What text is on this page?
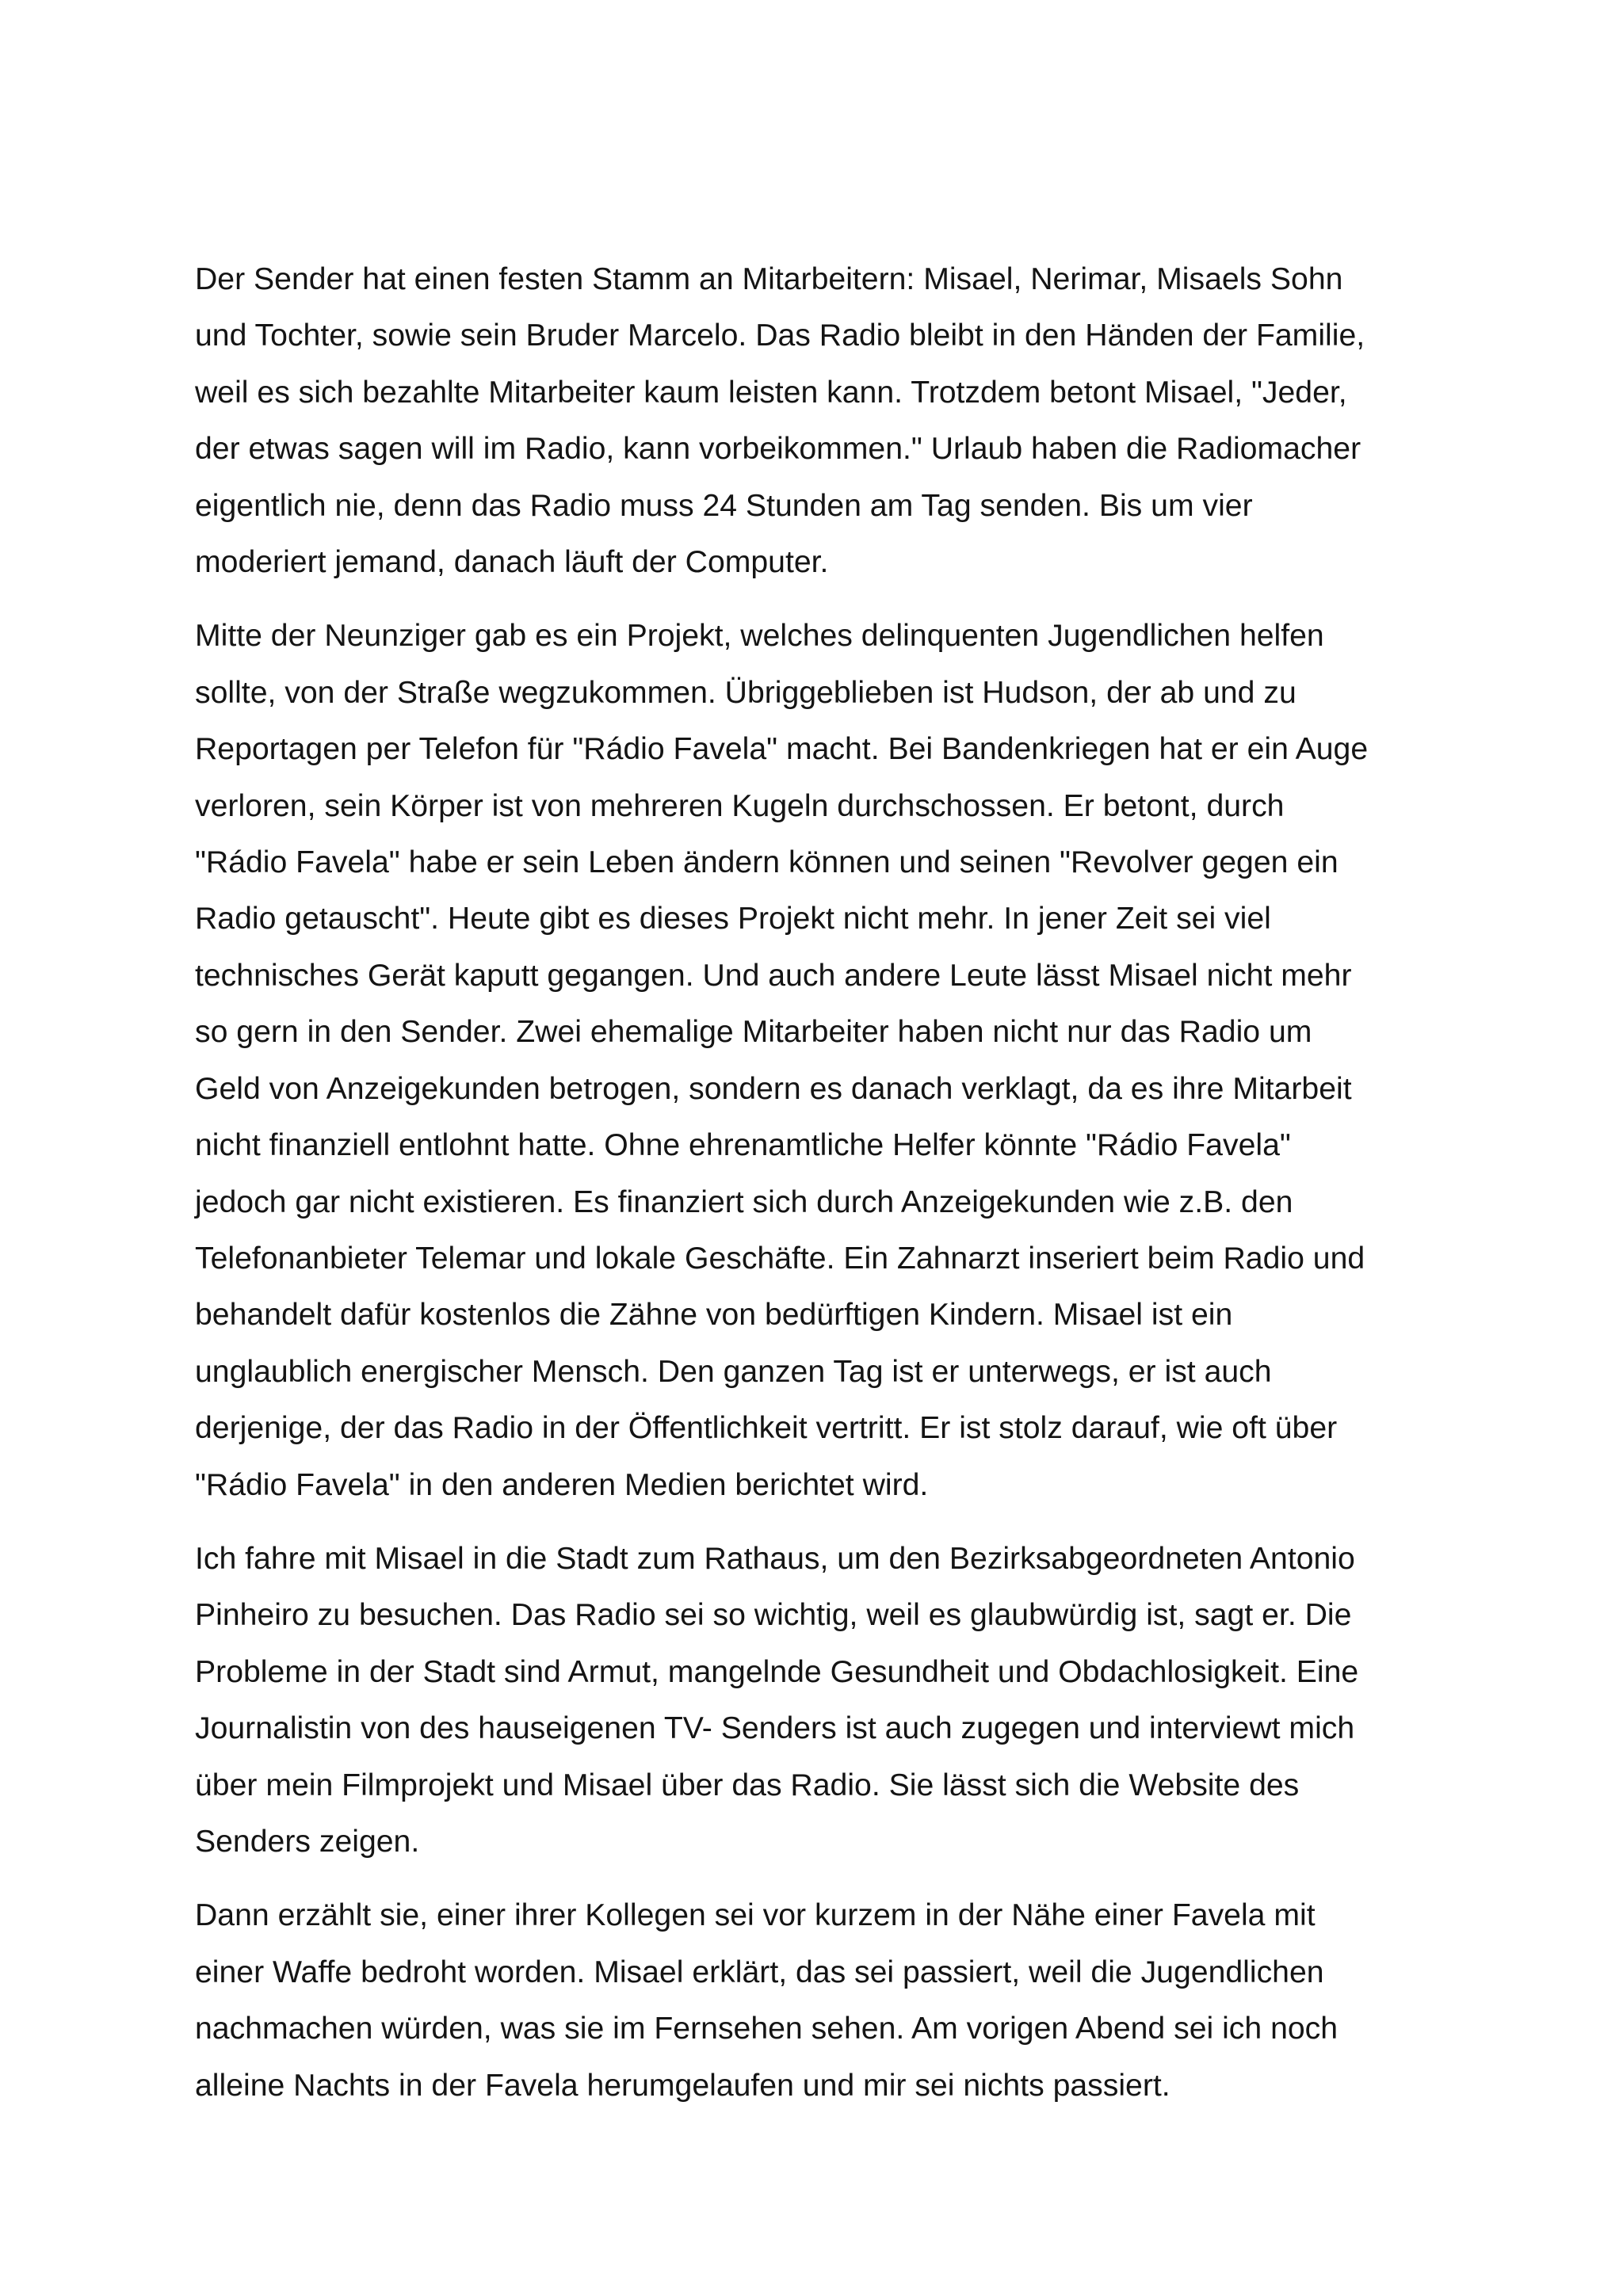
Der Sender hat einen festen Stamm an Mitarbeitern: Misael, Nerimar, Misaels Sohn
und Tochter, sowie sein Bruder Marcelo. Das Radio bleibt in den Händen der Familie,
weil es sich bezahlte Mitarbeiter kaum leisten kann. Trotzdem betont Misael, "Jeder,
der etwas sagen will im Radio, kann vorbeikommen." Urlaub haben die Radiomacher
eigentlich nie, denn das Radio muss 24 Stunden am Tag senden. Bis um vier
moderiert jemand, danach läuft der Computer.

Mitte der Neunziger gab es ein Projekt, welches delinquenten Jugendlichen helfen
sollte, von der Straße wegzukommen. Übriggeblieben ist Hudson, der ab und zu
Reportagen per Telefon für "Rádio Favela" macht. Bei Bandenkriegen hat er ein Auge
verloren, sein Körper ist von mehreren Kugeln durchschossen. Er betont, durch
"Rádio Favela" habe er sein Leben ändern können und seinen "Revolver gegen ein
Radio getauscht". Heute gibt es dieses Projekt nicht mehr. In jener Zeit sei viel
technisches Gerät kaputt gegangen. Und auch andere Leute lässt Misael nicht mehr
so gern in den Sender. Zwei ehemalige Mitarbeiter haben nicht nur das Radio um
Geld von Anzeigekunden betrogen, sondern es danach verklagt, da es ihre Mitarbeit
nicht finanziell entlohnt hatte. Ohne ehrenamtliche Helfer könnte "Rádio Favela"
jedoch gar nicht existieren. Es finanziert sich durch Anzeigekunden wie z.B. den
Telefonanbieter Telemar und lokale Geschäfte. Ein Zahnarzt inseriert beim Radio und
behandelt dafür kostenlos die Zähne von bedürftigen Kindern. Misael ist ein
unglaublich energischer Mensch. Den ganzen Tag ist er unterwegs, er ist auch
derjenige, der das Radio in der Öffentlichkeit vertritt. Er ist stolz darauf, wie oft über
"Rádio Favela" in den anderen Medien berichtet wird.

Ich fahre mit Misael in die Stadt zum Rathaus, um den Bezirksabgeordneten Antonio
Pinheiro zu besuchen. Das Radio sei so wichtig, weil es glaubwürdig ist, sagt er. Die
Probleme in der Stadt sind Armut, mangelnde Gesundheit und Obdachlosigkeit. Eine
Journalistin von des hauseigenen TV- Senders ist auch zugegen und interviewt mich
über mein Filmprojekt und Misael über das Radio. Sie lässt sich die Website des
Senders zeigen.

Dann erzählt sie, einer ihrer Kollegen sei vor kurzem in der Nähe einer Favela mit
einer Waffe bedroht worden. Misael erklärt, das sei passiert, weil die Jugendlichen
nachmachen würden, was sie im Fernsehen sehen. Am vorigen Abend sei ich noch
alleine Nachts in der Favela herumgelaufen und mir sei nichts passiert.
